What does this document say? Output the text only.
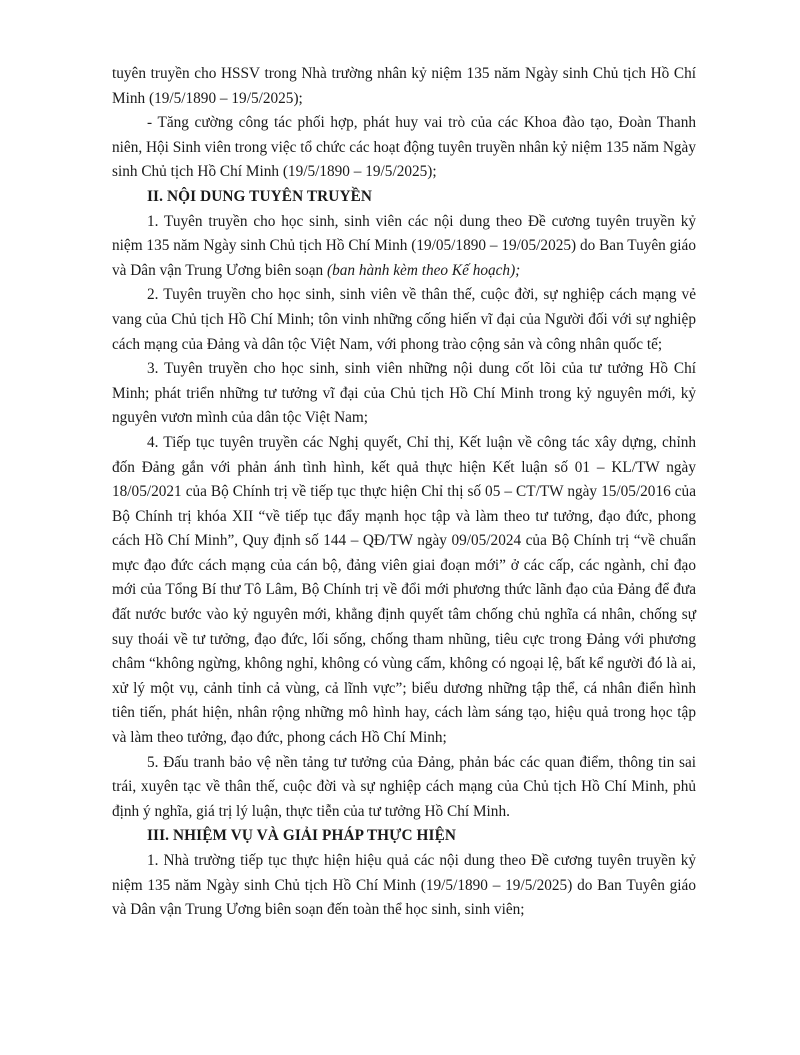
tuyên truyền cho HSSV trong Nhà trường nhân kỷ niệm 135 năm Ngày sinh Chủ tịch Hồ Chí Minh (19/5/1890 – 19/5/2025);

- Tăng cường công tác phối hợp, phát huy vai trò của các Khoa đào tạo, Đoàn Thanh niên, Hội Sinh viên trong việc tổ chức các hoạt động tuyên truyền nhân kỷ niệm 135 năm Ngày sinh Chủ tịch Hồ Chí Minh (19/5/1890 – 19/5/2025);

II. NỘI DUNG TUYÊN TRUYỀN

1. Tuyên truyền cho học sinh, sinh viên các nội dung theo Đề cương tuyên truyền kỷ niệm 135 năm Ngày sinh Chủ tịch Hồ Chí Minh (19/05/1890 – 19/05/2025) do Ban Tuyên giáo và Dân vận Trung Ương biên soạn (ban hành kèm theo Kế hoạch);

2. Tuyên truyền cho học sinh, sinh viên về thân thế, cuộc đời, sự nghiệp cách mạng vẻ vang của Chủ tịch Hồ Chí Minh; tôn vinh những cống hiến vĩ đại của Người đối với sự nghiệp cách mạng của Đảng và dân tộc Việt Nam, với phong trào cộng sản và công nhân quốc tế;

3. Tuyên truyền cho học sinh, sinh viên những nội dung cốt lõi của tư tưởng Hồ Chí Minh; phát triển những tư tưởng vĩ đại của Chủ tịch Hồ Chí Minh trong kỷ nguyên mới, kỷ nguyên vươn mình của dân tộc Việt Nam;

4. Tiếp tục tuyên truyền các Nghị quyết, Chỉ thị, Kết luận về công tác xây dựng, chỉnh đốn Đảng gắn với phản ánh tình hình, kết quả thực hiện Kết luận số 01 – KL/TW ngày 18/05/2021 của Bộ Chính trị về tiếp tục thực hiện Chỉ thị số 05 – CT/TW ngày 15/05/2016 của Bộ Chính trị khóa XII “về tiếp tục đẩy mạnh học tập và làm theo tư tưởng, đạo đức, phong cách Hồ Chí Minh”, Quy định số 144 – QĐ/TW ngày 09/05/2024 của Bộ Chính trị “về chuẩn mực đạo đức cách mạng của cán bộ, đảng viên giai đoạn mới” ở các cấp, các ngành, chỉ đạo mới của Tổng Bí thư Tô Lâm, Bộ Chính trị về đổi mới phương thức lãnh đạo của Đảng để đưa đất nước bước vào kỷ nguyên mới, khẳng định quyết tâm chống chủ nghĩa cá nhân, chống sự suy thoái về tư tưởng, đạo đức, lối sống, chống tham nhũng, tiêu cực trong Đảng với phương châm “không ngừng, không nghỉ, không có vùng cấm, không có ngoại lệ, bất kể người đó là ai, xử lý một vụ, cảnh tỉnh cả vùng, cả lĩnh vực”; biểu dương những tập thể, cá nhân điển hình tiên tiến, phát hiện, nhân rộng những mô hình hay, cách làm sáng tạo, hiệu quả trong học tập và làm theo tưởng, đạo đức, phong cách Hồ Chí Minh;

5. Đấu tranh bảo vệ nền tảng tư tưởng của Đảng, phản bác các quan điểm, thông tin sai trái, xuyên tạc về thân thế, cuộc đời và sự nghiệp cách mạng của Chủ tịch Hồ Chí Minh, phủ định ý nghĩa, giá trị lý luận, thực tiễn của tư tưởng Hồ Chí Minh.

III. NHIỆM VỤ VÀ GIẢI PHÁP THỰC HIỆN

1. Nhà trường tiếp tục thực hiện hiệu quả các nội dung theo Đề cương tuyên truyền kỷ niệm 135 năm Ngày sinh Chủ tịch Hồ Chí Minh (19/5/1890 – 19/5/2025) do Ban Tuyên giáo và Dân vận Trung Ương biên soạn đến toàn thể học sinh, sinh viên;
